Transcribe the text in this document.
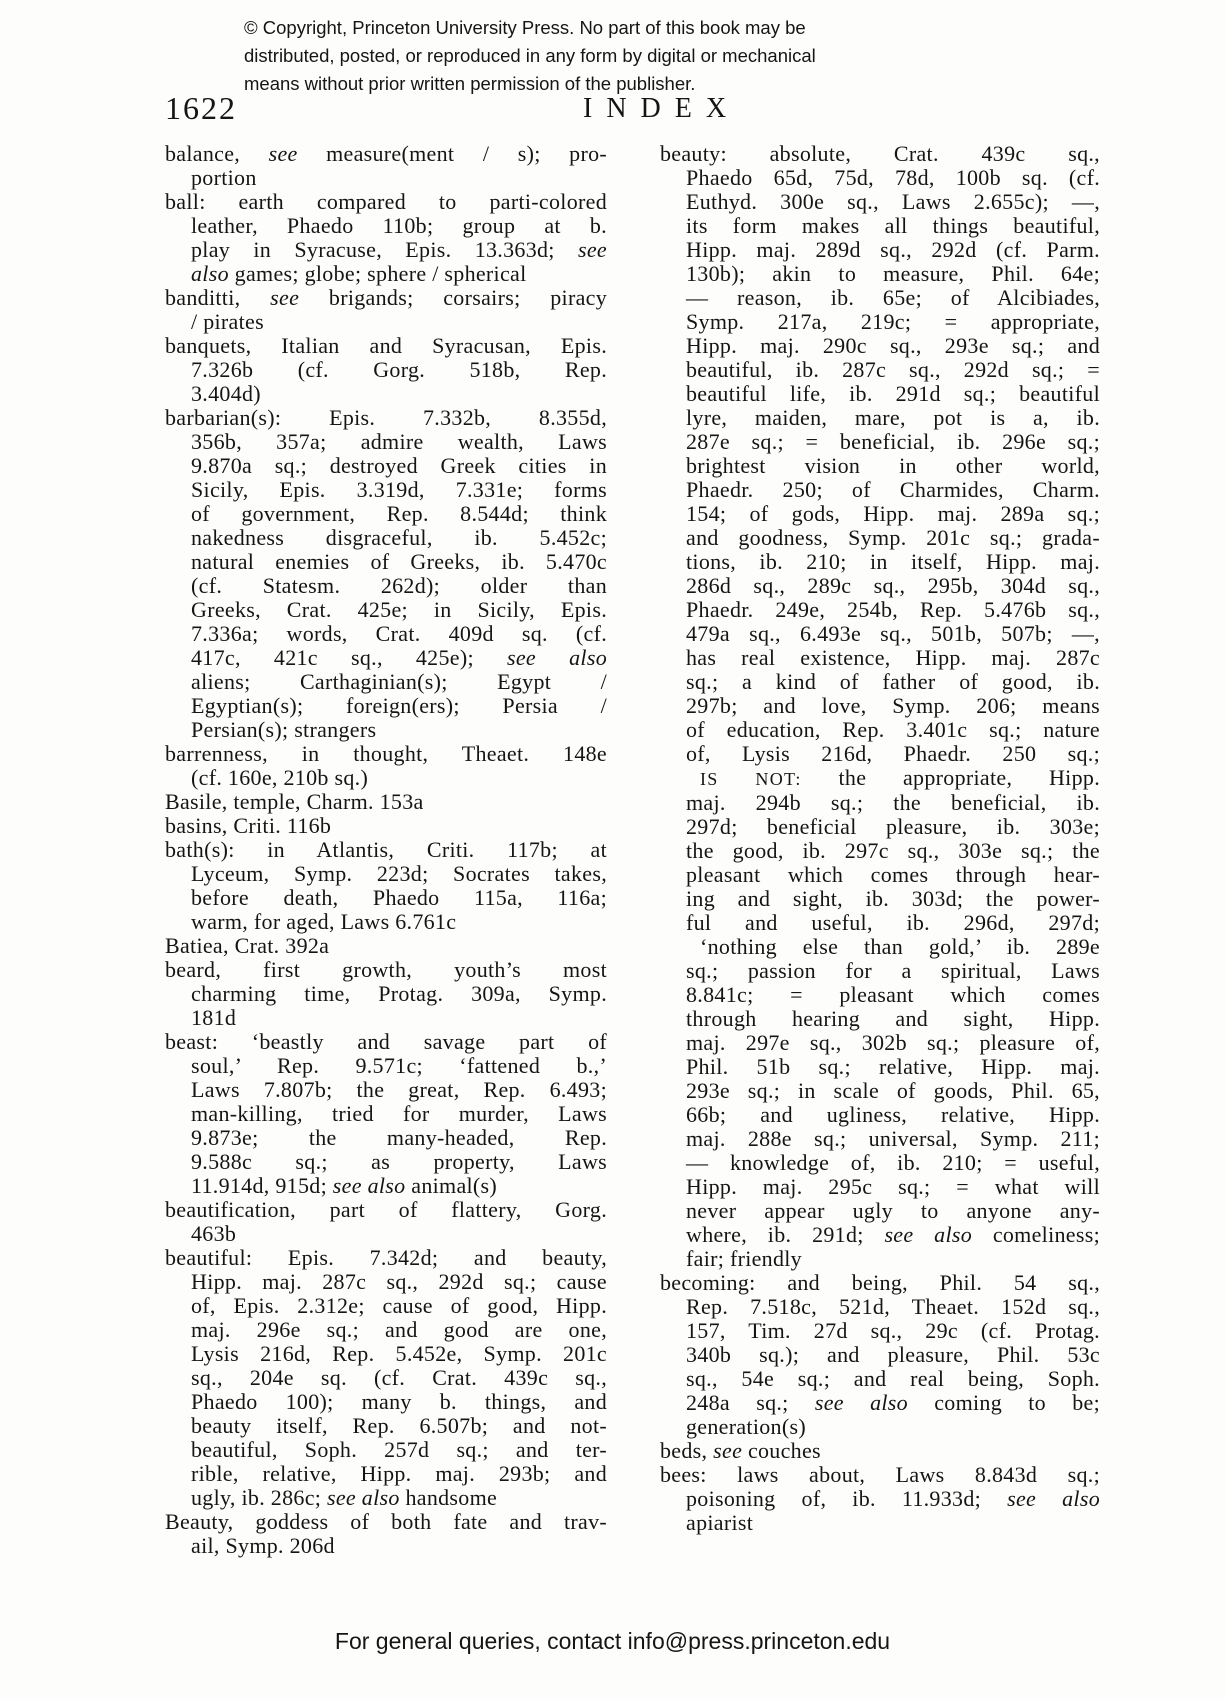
© Copyright, Princeton University Press. No part of this book may be
distributed, posted, or reproduced in any form by digital or mechanical
means without prior written permission of the publisher.
1622	INDEX
balance, see measure(ment / s); pro-
portion
ball: earth compared to parti-colored
leather, Phaedo 110b; group at b.
play in Syracuse, Epis. 13.363d; see
also games; globe; sphere / spherical
banditti, see brigands; corsairs; piracy
/ pirates
banquets, Italian and Syracusan, Epis.
7.326b (cf. Gorg. 518b, Rep.
3.404d)
barbarian(s): Epis. 7.332b, 8.355d,
356b, 357a; admire wealth, Laws
9.870a sq.; destroyed Greek cities in
Sicily, Epis. 3.319d, 7.331e; forms
of government, Rep. 8.544d; think
nakedness disgraceful, ib. 5.452c;
natural enemies of Greeks, ib. 5.470c
(cf. Statesm. 262d); older than
Greeks, Crat. 425e; in Sicily, Epis.
7.336a; words, Crat. 409d sq. (cf.
417c, 421c sq., 425e); see also
aliens; Carthaginian(s); Egypt /
Egyptian(s); foreign(ers); Persia /
Persian(s); strangers
barrenness, in thought, Theaet. 148e
(cf. 160e, 210b sq.)
Basile, temple, Charm. 153a
basins, Criti. 116b
bath(s): in Atlantis, Criti. 117b; at
Lyceum, Symp. 223d; Socrates takes,
before death, Phaedo 115a, 116a;
warm, for aged, Laws 6.761c
Batiea, Crat. 392a
beard, first growth, youth’s most
charming time, Protag. 309a, Symp.
181d
beast: ‘beastly and savage part of
soul,’ Rep. 9.571c; ‘fattened b.,’
Laws 7.807b; the great, Rep. 6.493;
man-killing, tried for murder, Laws
9.873e; the many-headed, Rep.
9.588c sq.; as property, Laws
11.914d, 915d; see also animal(s)
beautification, part of flattery, Gorg.
463b
beautiful: Epis. 7.342d; and beauty,
Hipp. maj. 287c sq., 292d sq.; cause
of, Epis. 2.312e; cause of good, Hipp.
maj. 296e sq.; and good are one,
Lysis 216d, Rep. 5.452e, Symp. 201c
sq., 204e sq. (cf. Crat. 439c sq.,
Phaedo 100); many b. things, and
beauty itself, Rep. 6.507b; and not-
beautiful, Soph. 257d sq.; and ter-
rible, relative, Hipp. maj. 293b; and
ugly, ib. 286c; see also handsome
Beauty, goddess of both fate and trav-
ail, Symp. 206d
beauty: absolute, Crat. 439c sq.,
Phaedo 65d, 75d, 78d, 100b sq. (cf.
Euthyd. 300e sq., Laws 2.655c); —,
its form makes all things beautiful,
Hipp. maj. 289d sq., 292d (cf. Parm.
130b); akin to measure, Phil. 64e;
— reason, ib. 65e; of Alcibiades,
Symp. 217a, 219c; = appropriate,
Hipp. maj. 290c sq., 293e sq.; and
beautiful, ib. 287c sq., 292d sq.; =
beautiful life, ib. 291d sq.; beautiful
lyre, maiden, mare, pot is a, ib.
287e sq.; = beneficial, ib. 296e sq.;
brightest vision in other world,
Phaedr. 250; of Charmides, Charm.
154; of gods, Hipp. maj. 289a sq.;
and goodness, Symp. 201c sq.; grada-
tions, ib. 210; in itself, Hipp. maj.
286d sq., 289c sq., 295b, 304d sq.,
Phaedr. 249e, 254b, Rep. 5.476b sq.,
479a sq., 6.493e sq., 501b, 507b; —,
has real existence, Hipp. maj. 287c
sq.; a kind of father of good, ib.
297b; and love, Symp. 206; means
of education, Rep. 3.401c sq.; nature
of, Lysis 216d, Phaedr. 250 sq.;
IS NOT: the appropriate, Hipp.
maj. 294b sq.; the beneficial, ib.
297d; beneficial pleasure, ib. 303e;
the good, ib. 297c sq., 303e sq.; the
pleasant which comes through hear-
ing and sight, ib. 303d; the power-
ful and useful, ib. 296d, 297d;
‘nothing else than gold,’ ib. 289e
sq.; passion for a spiritual, Laws
8.841c; = pleasant which comes
through hearing and sight, Hipp.
maj. 297e sq., 302b sq.; pleasure of,
Phil. 51b sq.; relative, Hipp. maj.
293e sq.; in scale of goods, Phil. 65,
66b; and ugliness, relative, Hipp.
maj. 288e sq.; universal, Symp. 211;
— knowledge of, ib. 210; = useful,
Hipp. maj. 295c sq.; = what will
never appear ugly to anyone any-
where, ib. 291d; see also comeliness;
fair; friendly
becoming: and being, Phil. 54 sq.,
Rep. 7.518c, 521d, Theaet. 152d sq.,
157, Tim. 27d sq., 29c (cf. Protag.
340b sq.); and pleasure, Phil. 53c
sq., 54e sq.; and real being, Soph.
248a sq.; see also coming to be;
generation(s)
beds, see couches
bees: laws about, Laws 8.843d sq.;
poisoning of, ib. 11.933d; see also
apiarist
For general queries, contact info@press.princeton.edu
